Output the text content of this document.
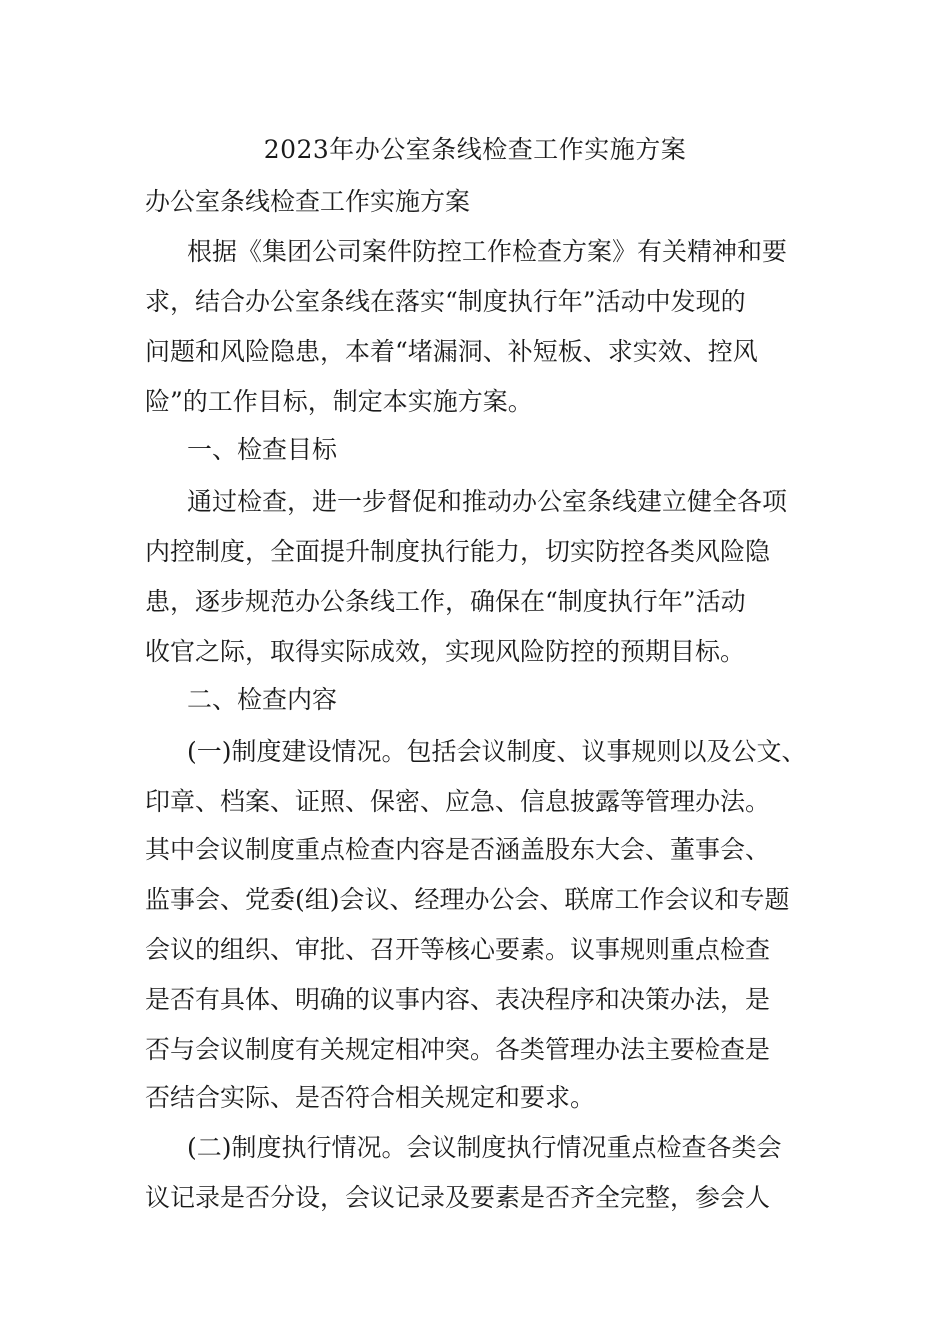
2023年办公室条线检查工作实施方案

办公室条线检查工作实施方案

根据《集团公司案件防控工作检查方案》有关精神和要

求，结合办公室条线在落实“制度执行年”活动中发现的

问题和风险隐患，本着“堵漏洞、补短板、求实效、控风

险”的工作目标，制定本实施方案。

一、检查目标

通过检查，进一步督促和推动办公室条线建立健全各项

内控制度，全面提升制度执行能力，切实防控各类风险隐

患，逐步规范办公条线工作，确保在“制度执行年”活动

收官之际，取得实际成效，实现风险防控的预期目标。

二、检查内容

(一)制度建设情况。包括会议制度、议事规则以及公文、

印章、档案、证照、保密、应急、信息披露等管理办法。

其中会议制度重点检查内容是否涵盖股东大会、董事会、

监事会、党委(组)会议、经理办公会、联席工作会议和专题

会议的组织、审批、召开等核心要素。议事规则重点检查

是否有具体、明确的议事内容、表决程序和决策办法，是

否与会议制度有关规定相冲突。各类管理办法主要检查是

否结合实际、是否符合相关规定和要求。

(二)制度执行情况。会议制度执行情况重点检查各类会

议记录是否分设，会议记录及要素是否齐全完整，参会人
